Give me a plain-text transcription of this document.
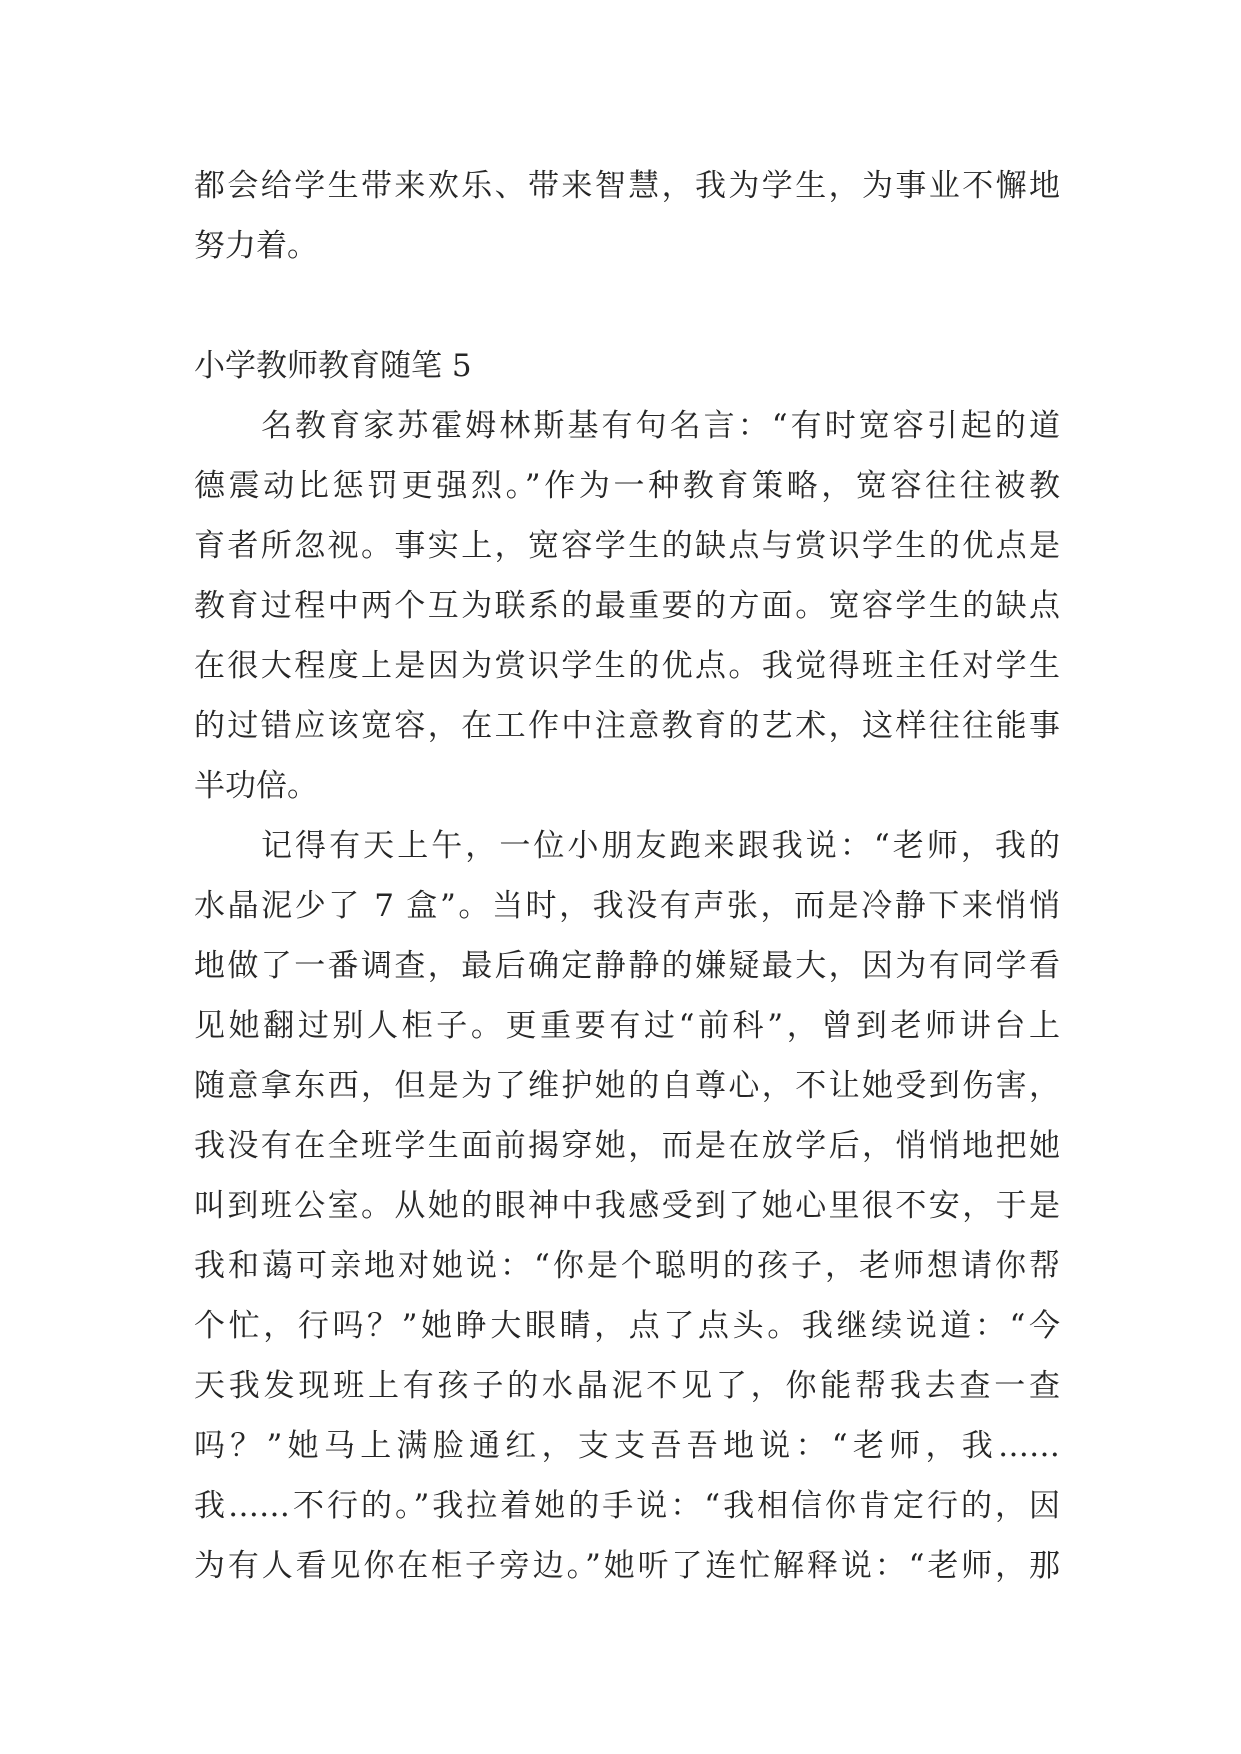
都会给学生带来欢乐、带来智慧，我为学生，为事业不懈地
努力着。
小学教师教育随笔 5
名教育家苏霍姆林斯基有句名言：“有时宽容引起的道
德震动比惩罚更强烈。”作为一种教育策略，宽容往往被教
育者所忽视。事实上，宽容学生的缺点与赏识学生的优点是
教育过程中两个互为联系的最重要的方面。宽容学生的缺点
在很大程度上是因为赏识学生的优点。我觉得班主任对学生
的过错应该宽容，在工作中注意教育的艺术，这样往往能事
半功倍。
记得有天上午，一位小朋友跑来跟我说：“老师，我的
水晶泥少了 7 盒”。当时，我没有声张，而是冷静下来悄悄
地做了一番调查，最后确定静静的嫌疑最大，因为有同学看
见她翻过别人柜子。更重要有过“前科”，曾到老师讲台上
随意拿东西，但是为了维护她的自尊心，不让她受到伤害，
我没有在全班学生面前揭穿她，而是在放学后，悄悄地把她
叫到班公室。从她的眼神中我感受到了她心里很不安，于是
我和蔼可亲地对她说：“你是个聪明的孩子，老师想请你帮
个忙，行吗？”她睁大眼睛，点了点头。我继续说道：“今
天我发现班上有孩子的水晶泥不见了，你能帮我去查一查
吗？”她马上满脸通红，支支吾吾地说：“老师，我……
我……不行的。”我拉着她的手说：“我相信你肯定行的，因
为有人看见你在柜子旁边。”她听了连忙解释说：“老师，那
